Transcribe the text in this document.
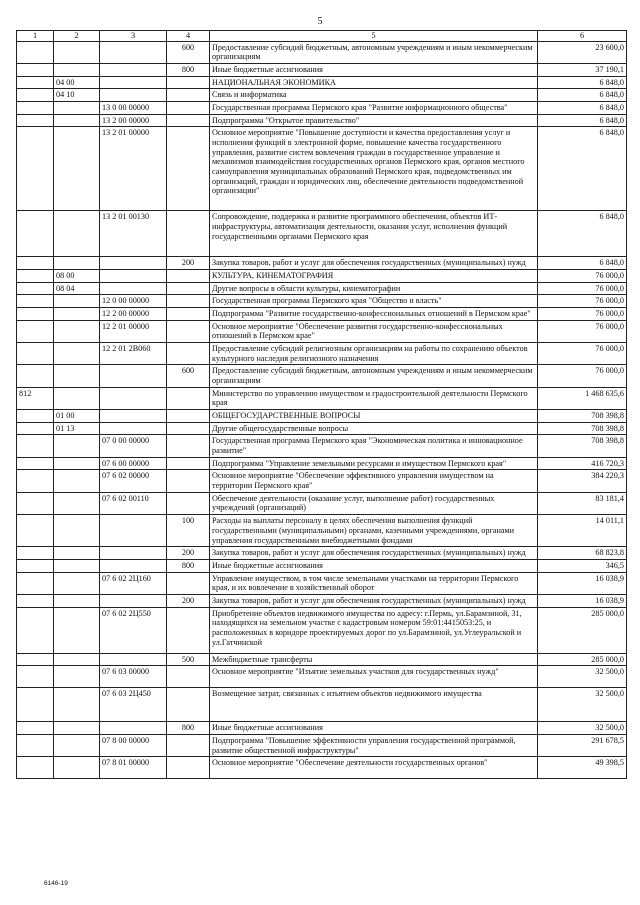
5
1	2	3	4	5	6
			600	Предоставление субсидий бюджетным, автономным учреждениям и иным некоммерческим организациям	23 600,0
			800	Иные бюджетные ассигнования	37 190,1
	04 00			НАЦИОНАЛЬНАЯ ЭКОНОМИКА	6 848,0
	04 10			Связь и информатика	6 848,0
		13 0 00 00000		Государственная программа Пермского края "Развитие информационного общества"	6 848,0
		13 2 00 00000		Подпрограмма "Открытое правительство"	6 848,0
		13 2 01 00000		Основное мероприятие "Повышение доступности и качества предоставления услуг и исполнения функций в электронной форме, повышение качества государственного управления, развитие систем вовлечения граждан в государственное управление и механизмов взаимодействия государственных органов Пермского края, органов местного самоуправления муниципальных образований Пермского края, подведомственных им организаций, граждан и юридических лиц, обеспечение деятельности подведомственной организации"	6 848,0
		13 2 01 00130		Сопровождение, поддержка и развитие программного обеспечения, объектов ИТ-инфраструктуры, автоматизация деятельности, оказания услуг, исполнения функций государственными органами Пермского края	6 848,0
			200	Закупка товаров, работ и услуг для обеспечения государственных (муниципальных) нужд	6 848,0
	08 00			КУЛЬТУРА, КИНЕМАТОГРАФИЯ	76 000,0
	08 04			Другие вопросы в области культуры, кинематографии	76 000,0
		12 0 00 00000		Государственная программа Пермского края "Общество и власть"	76 000,0
		12 2 00 00000		Подпрограмма "Развитие государственно-конфессиональных отношений в Пермском крае"	76 000,0
		12 2 01 00000		Основное мероприятие "Обеспечение развития государственно-конфессиональных отношений в Пермском крае"	76 000,0
		12 2 01 2В060		Предоставление субсидий религиозным организациям на работы по сохранению объектов культурного наследия религиозного назначения	76 000,0
			600	Предоставление субсидий бюджетным, автономным учреждениям и иным некоммерческим организациям	76 000,0
812				Министерство по управлению имуществом и градостроительной деятельности Пермского края	1 468 635,6
	01 00			ОБЩЕГОСУДАРСТВЕННЫЕ ВОПРОСЫ	708 398,8
	01 13			Другие общегосударственные вопросы	708 398,8
		07 0 00 00000		Государственная программа Пермского края "Экономическая политика и инновационное развитие"	708 398,8
		07 6 00 00000		Подпрограмма "Управление земельными ресурсами и имуществом Пермского края"	416 720,3
		07 6 02 00000		Основное мероприятие "Обеспечение эффективного управления имуществом на территории Пермского края"	384 220,3
		07 6 02 00110		Обеспечение деятельности (оказание услуг, выполнение работ) государственных учреждений (организаций)	83 181,4
			100	Расходы на выплаты персоналу в целях обеспечения выполнения функций государственными (муниципальными) органами, казенными учреждениями, органами управления государственными внебюджетными фондами	14 011,1
			200	Закупка товаров, работ и услуг для обеспечения государственных (муниципальных) нужд	68 823,8
			800	Иные бюджетные ассигнования	346,5
		07 6 02 2Ц160		Управление имуществом, в том числе земельными участками на территории Пермского края, и их вовлечение в хозяйственный оборот	16 038,9
			200	Закупка товаров, работ и услуг для обеспечения государственных (муниципальных) нужд	16 038,9
		07 6 02 2Ц550		Приобретение объектов недвижимого имущества по адресу: г.Пермь, ул.Барамзиной, 31, находящихся на земельном участке с кадастровым номером 59:01:4415053:25, и расположенных в коридоре проектируемых дорог по ул.Барамзиной, ул.Углеуральской и ул.Гатчинской	285 000,0
			500	Межбюджетные трансферты	285 000,0
		07 6 03 00000		Основное мероприятие "Изъятие земельных участков для государственных нужд"	32 500,0
		07 6 03 2Ц450		Возмещение затрат, связанных с изъятием объектов недвижимого имущества	32 500,0
			800	Иные бюджетные ассигнования	32 500,0
		07 8 00 00000		Подпрограмма "Повышение эффективности управления государственной программой, развитие общественной инфраструктуры"	291 678,5
		07 8 01 00000		Основное мероприятие "Обеспечение деятельности государственных органов"	49 398,5
6146-19
